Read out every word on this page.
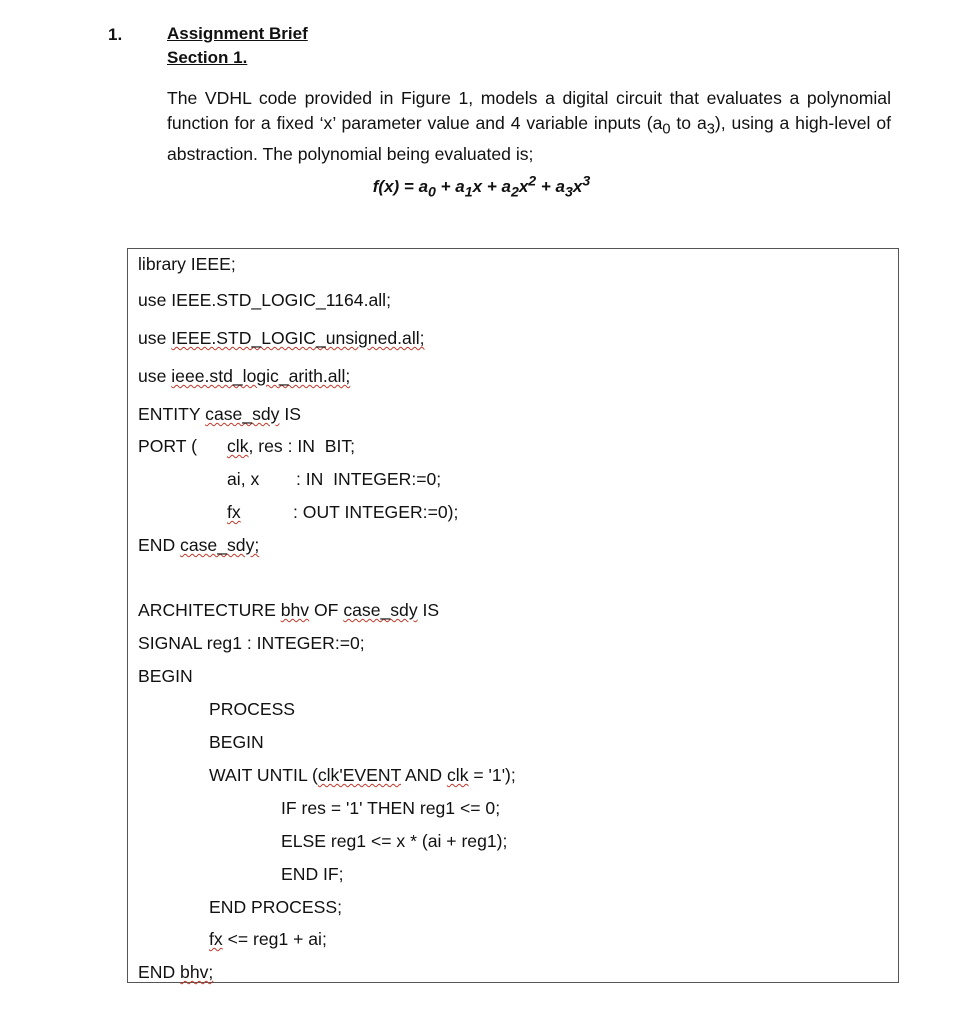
1.	Assignment Brief
Section 1.
The VDHL code provided in Figure 1, models a digital circuit that evaluates a polynomial function for a fixed ‘x’ parameter value and 4 variable inputs ($a_0$ to $a_3$), using a high-level of abstraction. The polynomial being evaluated is;
$f(x) = a_0 + a_1x + a_2x^2 + a_3x^3$
library IEEE;
use IEEE.STD_LOGIC_1164.all;
use IEEE.STD_LOGIC_unsigned.all;
use ieee.std_logic_arith.all;
ENTITY case_sdy IS
PORT ( clk, res : IN  BIT;
ai, x : IN  INTEGER:=0;
fx	: OUT INTEGER:=0);
END case_sdy;
ARCHITECTURE bhv OF case_sdy IS
SIGNAL reg1 : INTEGER:=0;
BEGIN
PROCESS
BEGIN
WAIT UNTIL (clk'EVENT AND clk = '1');
IF res = '1' THEN reg1 <= 0;
ELSE reg1 <= x * (ai + reg1);
END IF;
END PROCESS;
fx <= reg1 + ai;
END bhv;
